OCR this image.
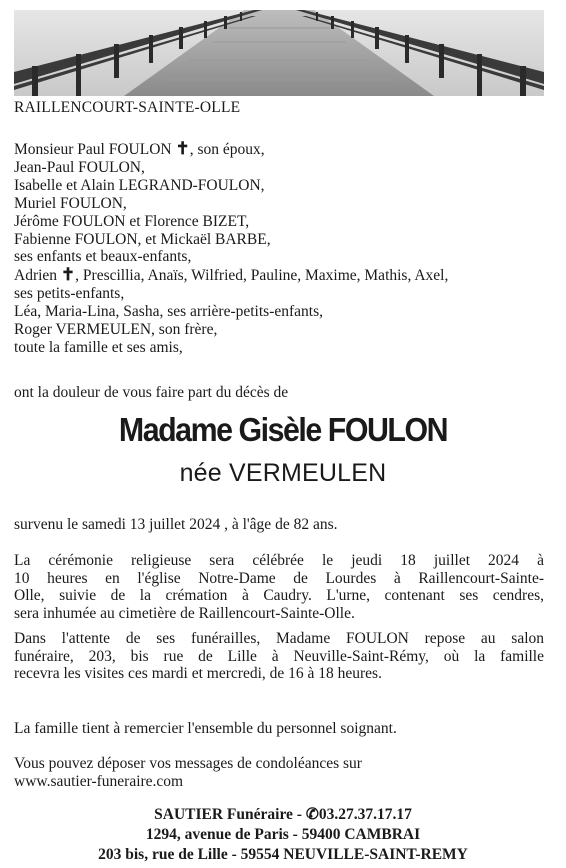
RAILLENCOURT-SAINTE-OLLE
Monsieur Paul FOULON ✝, son époux,
Jean-Paul FOULON,
Isabelle et Alain LEGRAND-FOULON,
Muriel FOULON,
Jérôme FOULON et Florence BIZET,
Fabienne FOULON, et Mickaël BARBE,
ses enfants et beaux-enfants,
Adrien ✝, Prescillia, Anaïs, Wilfried, Pauline, Maxime, Mathis, Axel,
ses petits-enfants,
Léa, Maria-Lina, Sasha, ses arrière-petits-enfants,
Roger VERMEULEN, son frère,
toute la famille et ses amis,
ont la douleur de vous faire part du décès de
Madame Gisèle FOULON
née VERMEULEN
survenu le samedi 13 juillet 2024 , à l'âge de 82 ans.
La cérémonie religieuse sera célébrée le jeudi 18 juillet 2024 à
10 heures en l'église Notre-Dame de Lourdes à Raillencourt-Sainte-
Olle, suivie de la crémation à Caudry. L'urne, contenant ses cendres,
sera inhumée au cimetière de Raillencourt-Sainte-Olle.
Dans l'attente de ses funérailles, Madame FOULON repose au salon
funéraire, 203, bis rue de Lille à Neuville-Saint-Rémy, où la famille
recevra les visites ces mardi et mercredi, de 16 à 18 heures.
La famille tient à remercier l'ensemble du personnel soignant.
Vous pouvez déposer vos messages de condoléances sur
www.sautier-funeraire.com
SAUTIER Funéraire - ✆03.27.37.17.17
1294, avenue de Paris - 59400 CAMBRAI
203 bis, rue de Lille - 59554 NEUVILLE-SAINT-REMY
